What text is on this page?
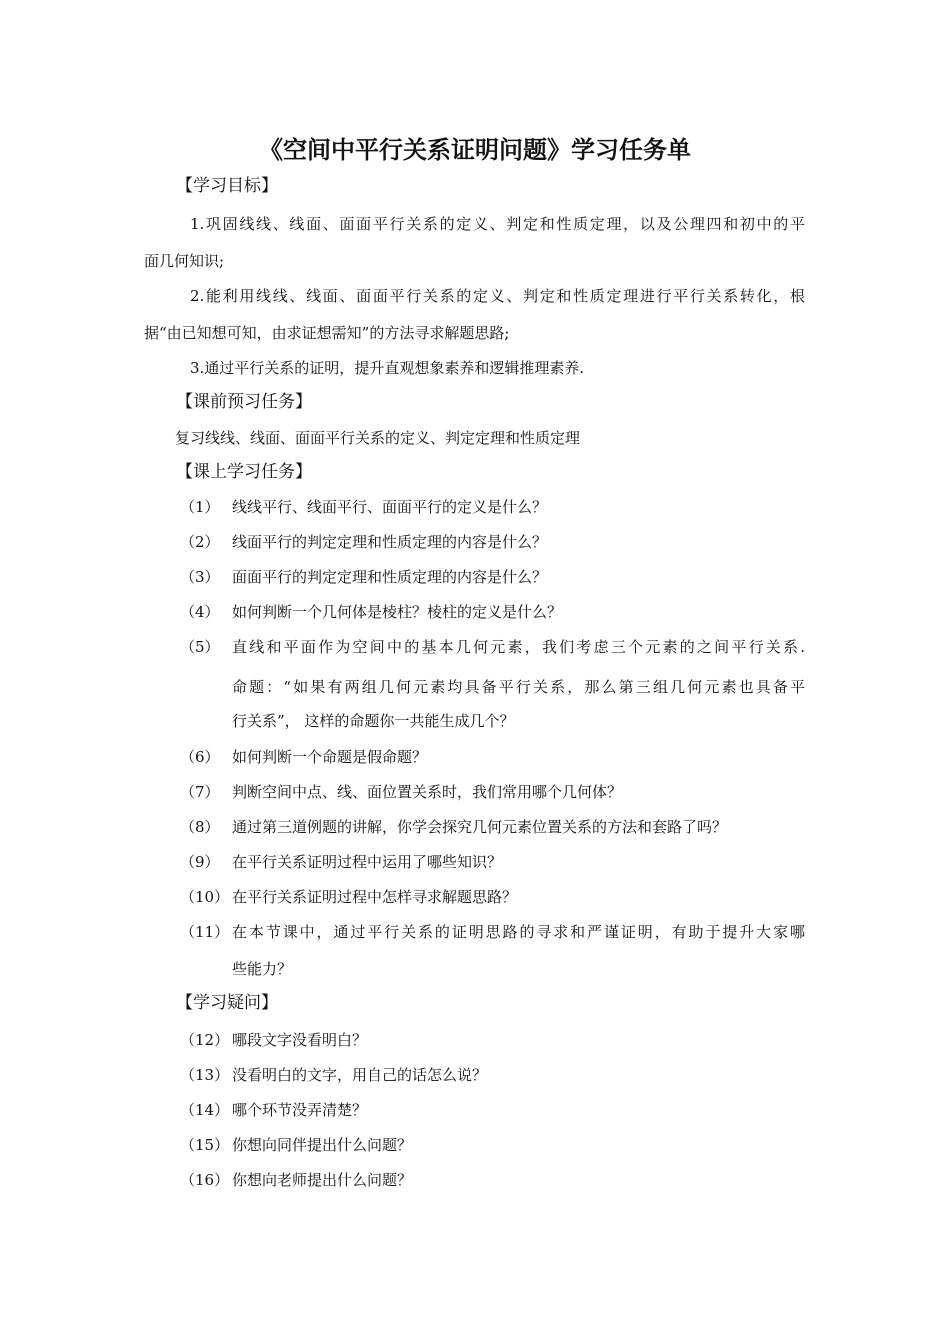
《空间中平行关系证明问题》学习任务单
【学习目标】
1.巩固线线、线面、面面平行关系的定义、判定和性质定理，以及公理四和初中的平
面几何知识;
2.能利用线线、线面、面面平行关系的定义、判定和性质定理进行平行关系转化，根
据“由已知想可知，由求证想需知”的方法寻求解题思路;
3.通过平行关系的证明，提升直观想象素养和逻辑推理素养.
【课前预习任务】
复习线线、线面、面面平行关系的定义、判定定理和性质定理
【课上学习任务】
（1） 线线平行、线面平行、面面平行的定义是什么？
（2） 线面平行的判定定理和性质定理的内容是什么？
（3） 面面平行的判定定理和性质定理的内容是什么？
（4） 如何判断一个几何体是棱柱？棱柱的定义是什么？
（5） 直线和平面作为空间中的基本几何元素，我们考虑三个元素的之间平行关系.
命题：“如果有两组几何元素均具备平行关系，那么第三组几何元素也具备平
行关系”， 这样的命题你一共能生成几个？
（6） 如何判断一个命题是假命题？
（7） 判断空间中点、线、面位置关系时，我们常用哪个几何体？
（8） 通过第三道例题的讲解，你学会探究几何元素位置关系的方法和套路了吗？
（9） 在平行关系证明过程中运用了哪些知识？
（10） 在平行关系证明过程中怎样寻求解题思路？
（11） 在本节课中，通过平行关系的证明思路的寻求和严谨证明，有助于提升大家哪
些能力？
【学习疑问】
（12） 哪段文字没看明白？
（13） 没看明白的文字，用自己的话怎么说？
（14） 哪个环节没弄清楚？
（15） 你想向同伴提出什么问题？
（16） 你想向老师提出什么问题？
